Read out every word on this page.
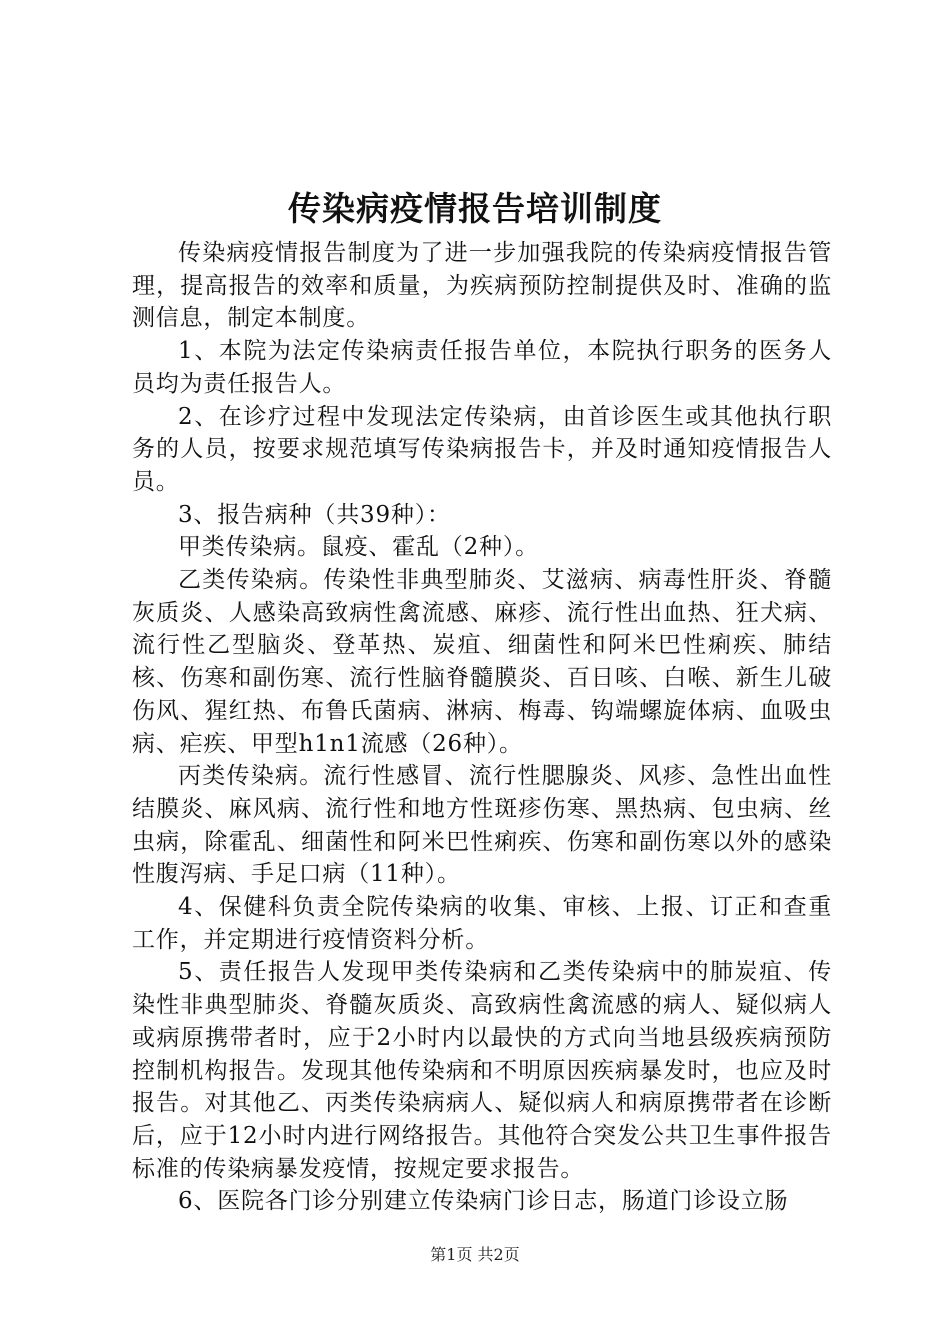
传染病疫情报告培训制度

传染病疫情报告制度为了进一步加强我院的传染病疫情报告管理，提高报告的效率和质量，为疾病预防控制提供及时、准确的监测信息，制定本制度。

1、本院为法定传染病责任报告单位，本院执行职务的医务人员均为责任报告人。

2、在诊疗过程中发现法定传染病，由首诊医生或其他执行职务的人员，按要求规范填写传染病报告卡，并及时通知疫情报告人员。

3、报告病种（共39种）：

甲类传染病。鼠疫、霍乱（2种）。

乙类传染病。传染性非典型肺炎、艾滋病、病毒性肝炎、脊髓灰质炎、人感染高致病性禽流感、麻疹、流行性出血热、狂犬病、流行性乙型脑炎、登革热、炭疽、细菌性和阿米巴性痢疾、肺结核、伤寒和副伤寒、流行性脑脊髓膜炎、百日咳、白喉、新生儿破伤风、猩红热、布鲁氏菌病、淋病、梅毒、钩端螺旋体病、血吸虫病、疟疾、甲型h1n1流感（26种）。

丙类传染病。流行性感冒、流行性腮腺炎、风疹、急性出血性结膜炎、麻风病、流行性和地方性斑疹伤寒、黑热病、包虫病、丝虫病，除霍乱、细菌性和阿米巴性痢疾、伤寒和副伤寒以外的感染性腹泻病、手足口病（11种）。

4、保健科负责全院传染病的收集、审核、上报、订正和查重工作，并定期进行疫情资料分析。

5、责任报告人发现甲类传染病和乙类传染病中的肺炭疽、传染性非典型肺炎、脊髓灰质炎、高致病性禽流感的病人、疑似病人或病原携带者时，应于2小时内以最快的方式向当地县级疾病预防控制机构报告。发现其他传染病和不明原因疾病暴发时，也应及时报告。对其他乙、丙类传染病病人、疑似病人和病原携带者在诊断后，应于12小时内进行网络报告。其他符合突发公共卫生事件报告标准的传染病暴发疫情，按规定要求报告。

6、医院各门诊分别建立传染病门诊日志，肠道门诊设立肠

第1页 共2页
